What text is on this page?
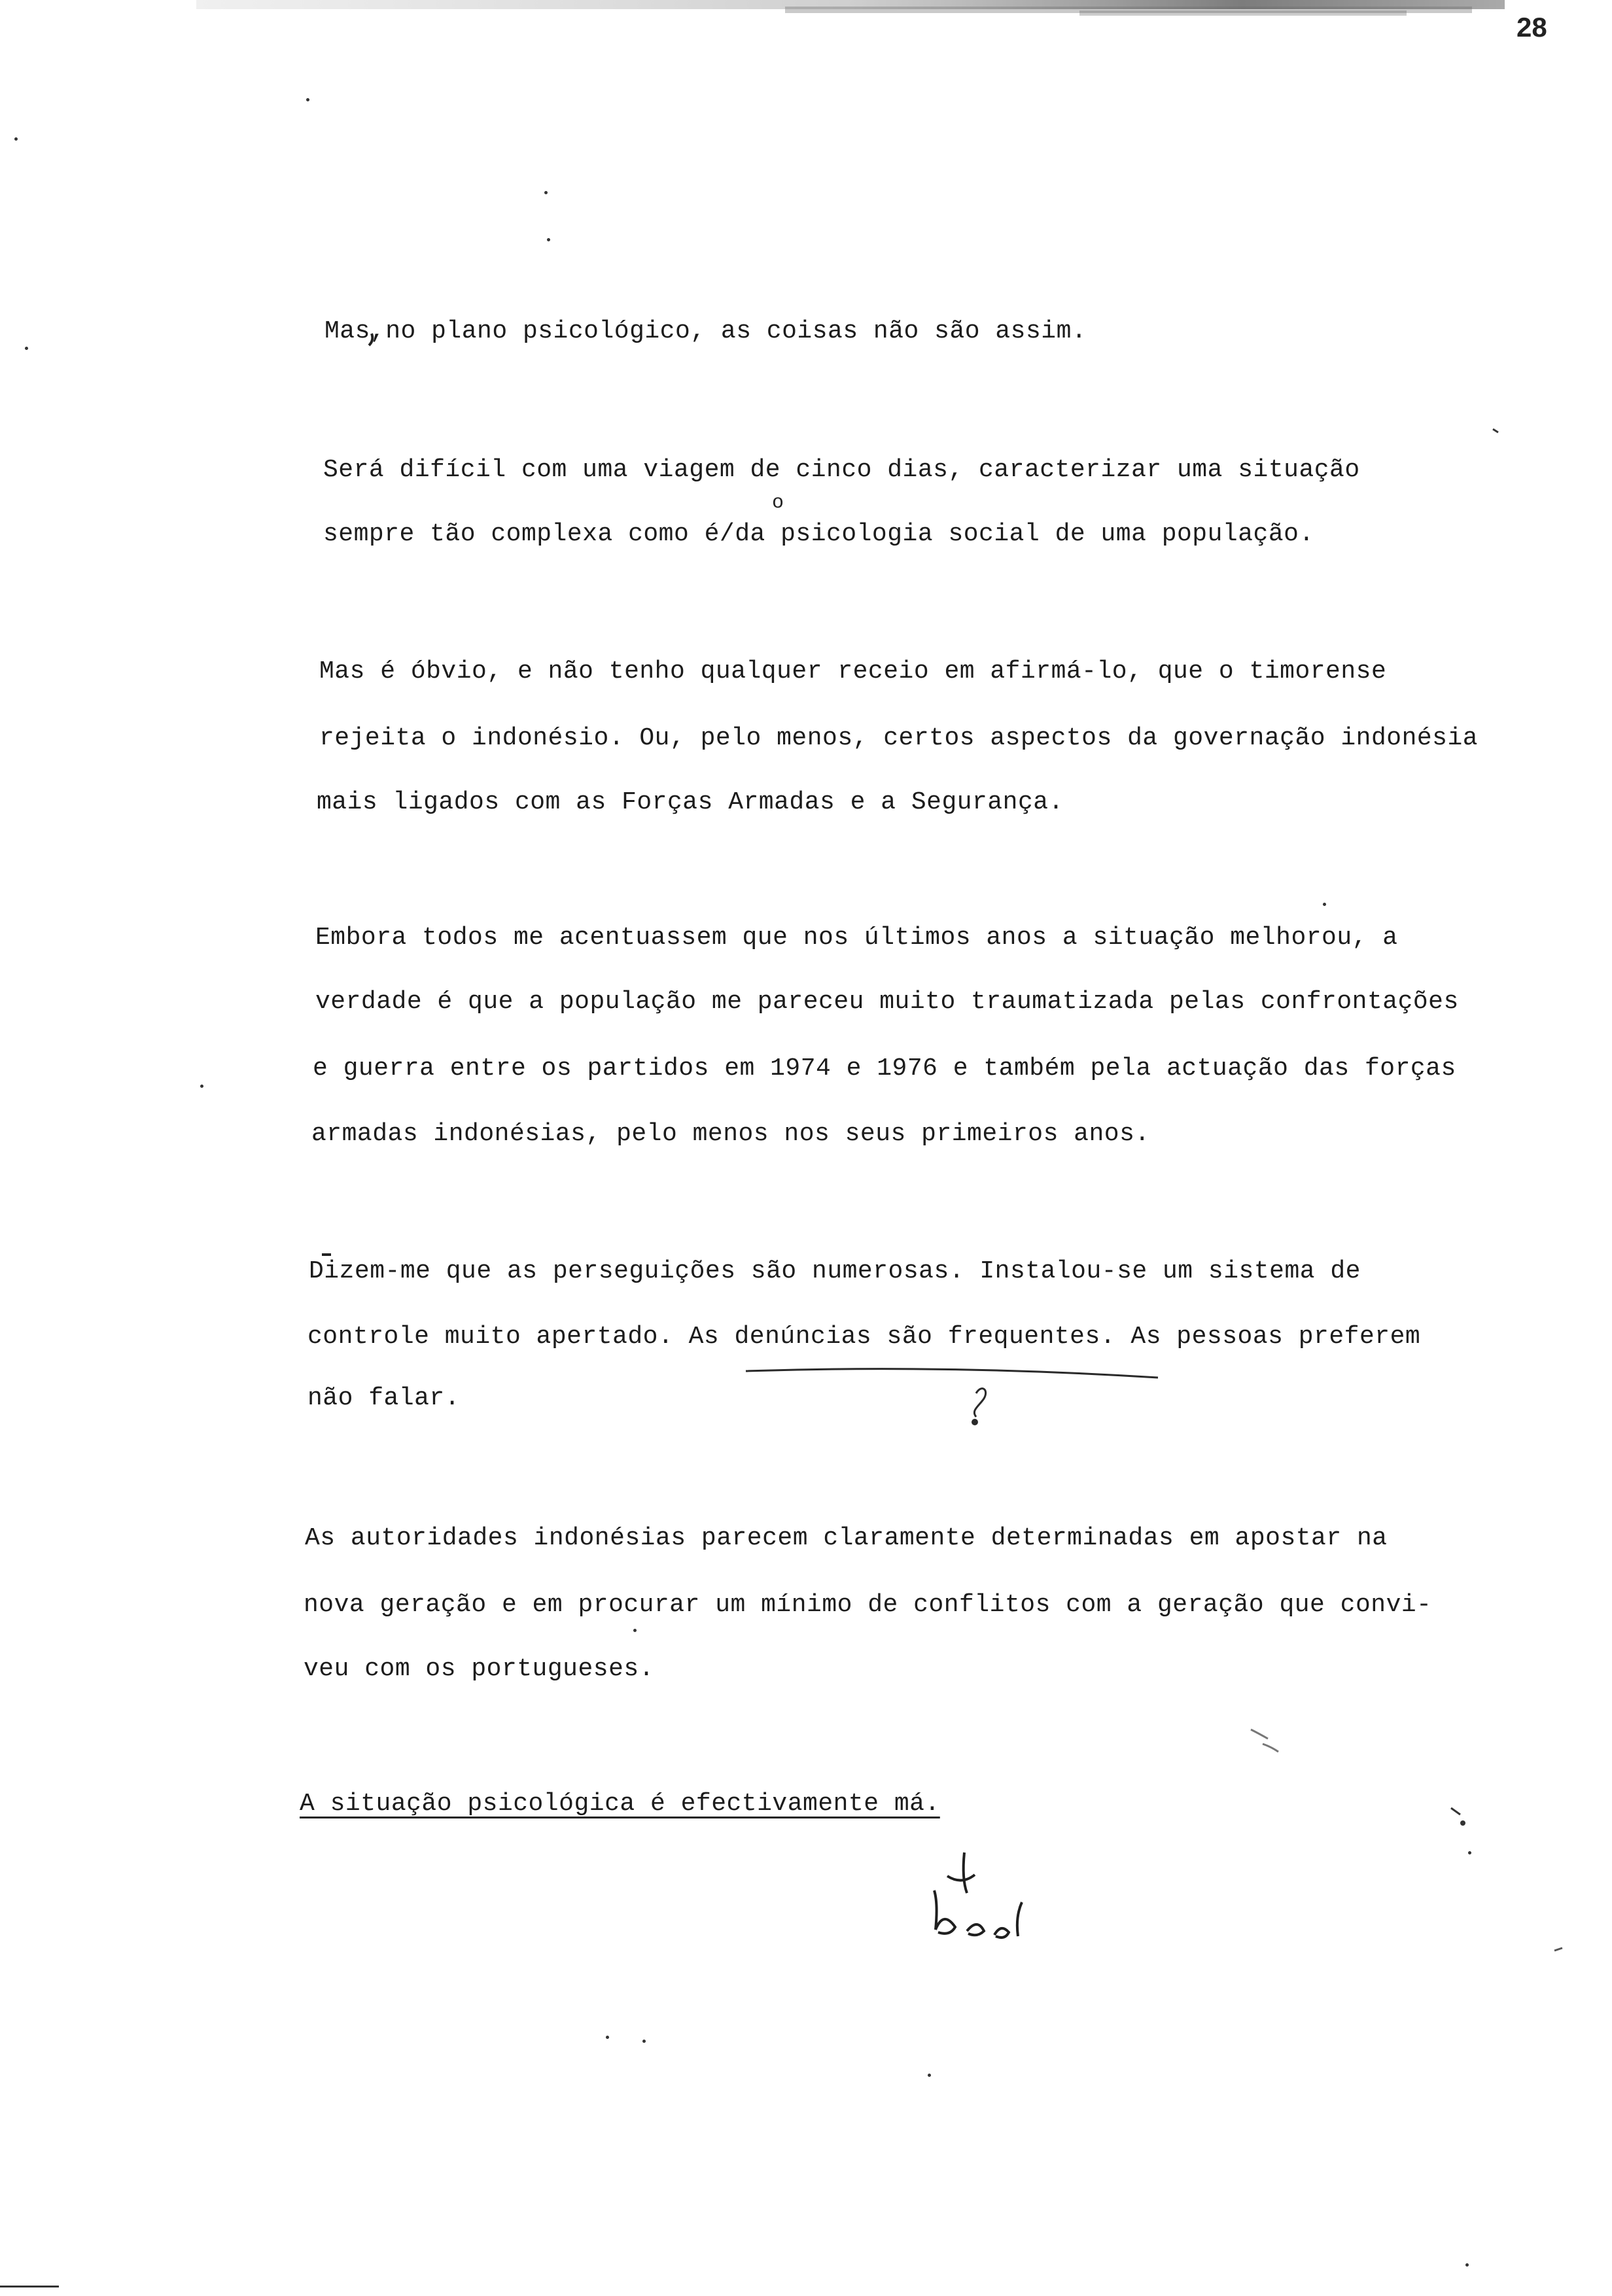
28
Mas,no plano psicológico, as coisas não são assim.
Será difícil com uma viagem de cinco dias, caracterizar uma situação
o
sempre tão complexa como é/da psicologia social de uma população.
Mas é óbvio, e não tenho qualquer receio em afirmá-lo, que o timorense
rejeita o indonésio. Ou, pelo menos, certos aspectos da governação indonésia
mais ligados com as Forças Armadas e a Segurança.
Embora todos me acentuassem que nos últimos anos a situação melhorou, a
verdade é que a população me pareceu muito traumatizada pelas confrontações
e guerra entre os partidos em 1974 e 1976 e também pela actuação das forças
armadas indonésias, pelo menos nos seus primeiros anos.
Dizem-me que as perseguições são numerosas. Instalou-se um sistema de
controle muito apertado. As denúncias são frequentes. As pessoas preferem
não falar.
As autoridades indonésias parecem claramente determinadas em apostar na
nova geração e em procurar um mínimo de conflitos com a geração que convi-
veu com os portugueses.
A situação psicológica é efectivamente má.
